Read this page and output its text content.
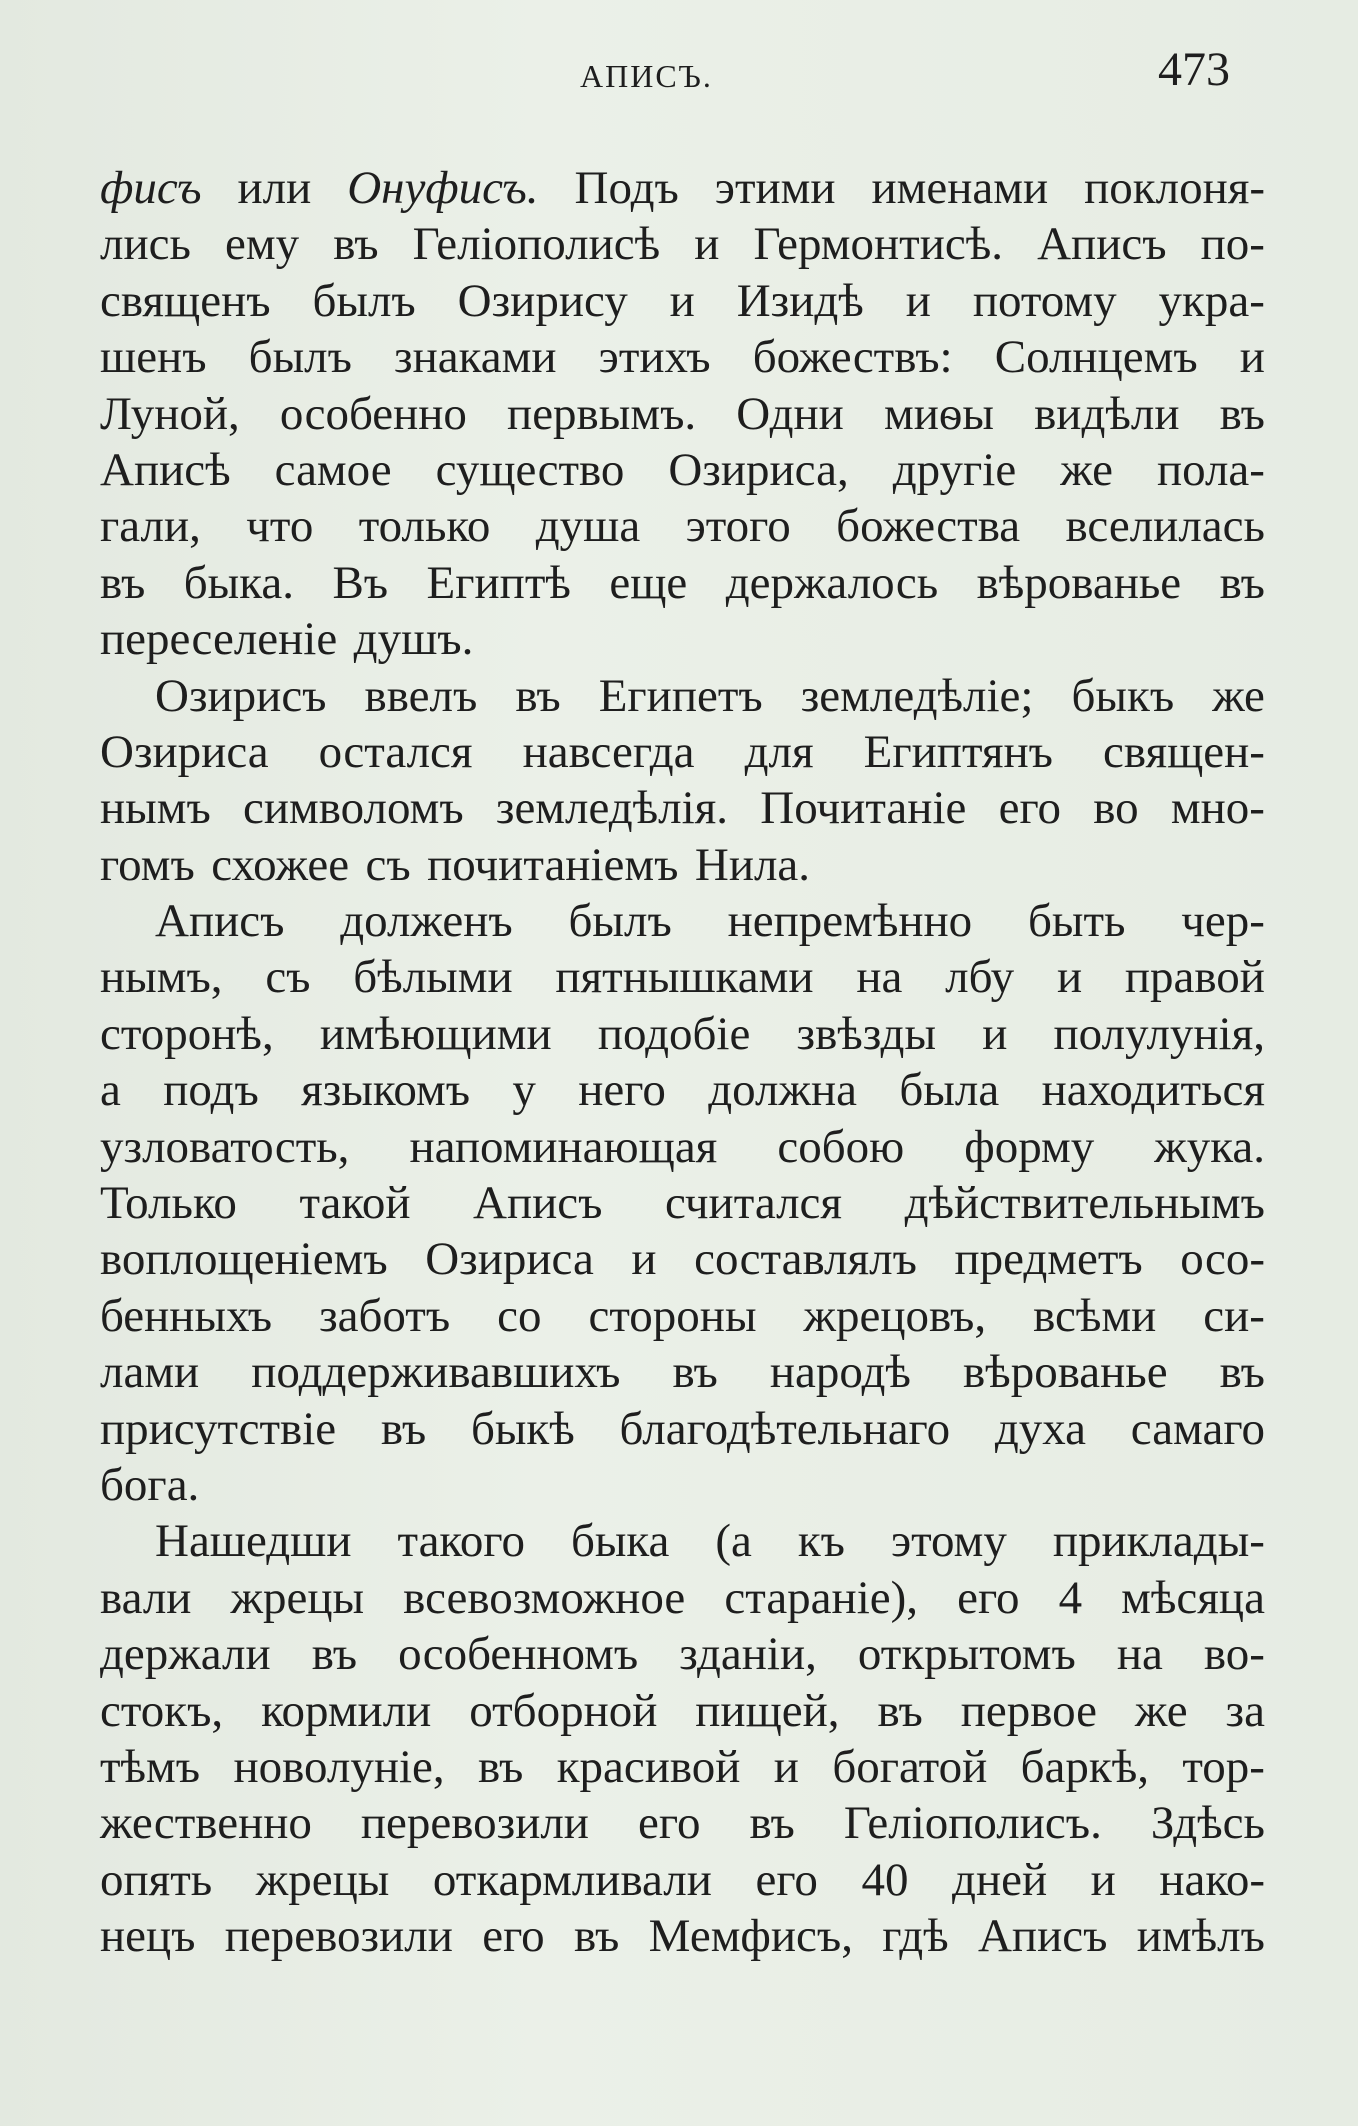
АПИСЪ.	473
фисъ или Онуфисъ. Подъ этими именами поклоня-
лись ему въ Геліополисѣ и Гермонтисѣ. Аписъ по-
священъ былъ Озирису и Изидѣ и потому укра-
шенъ былъ знаками этихъ божествъ: Солнцемъ и
Луной, особенно первымъ. Одни миѳы видѣли въ
Аписѣ самое существо Озириса, другіе же пола-
гали, что только душа этого божества вселилась
въ быка. Въ Египтѣ еще держалось вѣрованье въ
переселеніе душъ.
Озирисъ ввелъ въ Египетъ земледѣліе; быкъ же
Озириса остался навсегда для Египтянъ священ-
нымъ символомъ земледѣлія. Почитаніе его во мно-
гомъ схожее съ почитаніемъ Нила.
Аписъ долженъ былъ непремѣнно быть чер-
нымъ, съ бѣлыми пятнышками на лбу и правой
сторонѣ, имѣющими подобіе звѣзды и полулунія,
а подъ языкомъ у него должна была находиться
узловатость, напоминающая собою форму жука.
Только такой Аписъ считался дѣйствительнымъ
воплощеніемъ Озириса и составлялъ предметъ осо-
бенныхъ заботъ со стороны жрецовъ, всѣми си-
лами поддерживавшихъ въ народѣ вѣрованье въ
присутствіе въ быкѣ благодѣтельнаго духа самаго
бога.
Нашедши такого быка (а къ этому приклады-
вали жрецы всевозможное стараніе), его 4 мѣсяца
держали въ особенномъ зданіи, открытомъ на во-
стокъ, кормили отборной пищей, въ первое же за
тѣмъ новолуніе, въ красивой и богатой баркѣ, тор-
жественно перевозили его въ Геліополисъ. Здѣсь
опять жрецы откармливали его 40 дней и нако-
нецъ перевозили его въ Мемфисъ, гдѣ Аписъ имѣлъ
